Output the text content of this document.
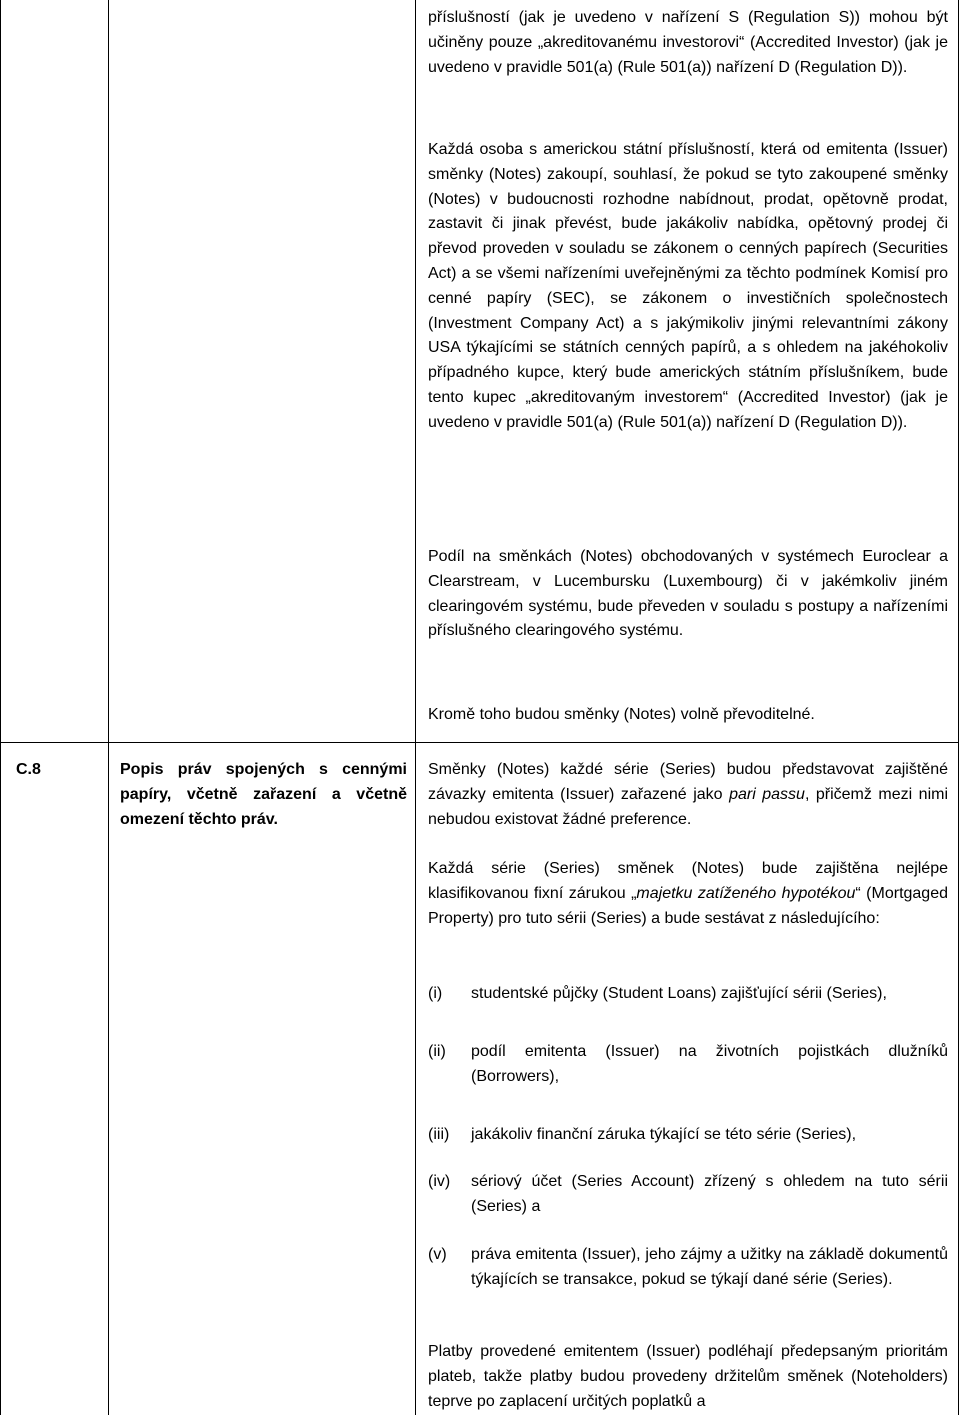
příslušností (jak je uvedeno v nařízení S (Regulation S)) mohou být učiněny pouze „akreditovanému investorovi“ (Accredited Investor) (jak je uvedeno v pravidle 501(a) (Rule 501(a)) nařízení D (Regulation D)).

Každá osoba s americkou státní příslušností, která od emitenta (Issuer) směnky (Notes) zakoupí, souhlasí, že pokud se tyto zakoupené směnky (Notes) v budoucnosti rozhodne nabídnout, prodat, opětovně prodat, zastavit či jinak převést, bude jakákoliv nabídka, opětovný prodej či převod proveden v souladu se zákonem o cenných papírech (Securities Act) a se všemi nařízeními uveřejněnými za těchto podmínek Komisí pro cenné papíry (SEC), se zákonem o investičních společnostech (Investment Company Act) a s jakýmikoliv jinými relevantními zákony USA týkajícími se státních cenných papírů, a s ohledem na jakéhokoliv případného kupce, který bude amerických státním příslušníkem, bude tento kupec „akreditovaným investorem“ (Accredited Investor) (jak je uvedeno v pravidle 501(a) (Rule 501(a)) nařízení D (Regulation D)).

Podíl na směnkách (Notes) obchodovaných v systémech Euroclear a Clearstream, v Lucembursku (Luxembourg) či v jakémkoliv jiném clearingovém systému, bude převeden v souladu s postupy a nařízeními příslušného clearingového systému.

Kromě toho budou směnky (Notes) volně převoditelné.

C.8	Popis práv spojených s cennými papíry, včetně zařazení a včetně omezení těchto práv.

Směnky (Notes) každé série (Series) budou představovat zajištěné závazky emitenta (Issuer) zařazené jako pari passu, přičemž mezi nimi nebudou existovat žádné preference.

Každá série (Series) směnek (Notes) bude zajištěna nejlépe klasifikovanou fixní zárukou „majetku zatíženého hypotékou“ (Mortgaged Property) pro tuto sérii (Series) a bude sestávat z následujícího:

(i) studentské půjčky (Student Loans) zajišťující sérii (Series),
(ii) podíl emitenta (Issuer) na životních pojistkách dlužníků (Borrowers),
(iii) jakákoliv finanční záruka týkající se této série (Series),
(iv) sériový účet (Series Account) zřízený s ohledem na tuto sérii (Series) a
(v) práva emitenta (Issuer), jeho zájmy a užitky na základě dokumentů týkajících se transakce, pokud se týkají dané série (Series).

Platby provedené emitentem (Issuer) podléhají předepsaným prioritám plateb, takže platby budou provedeny držitelům směnek (Noteholders) teprve po zaplacení určitých poplatků a
